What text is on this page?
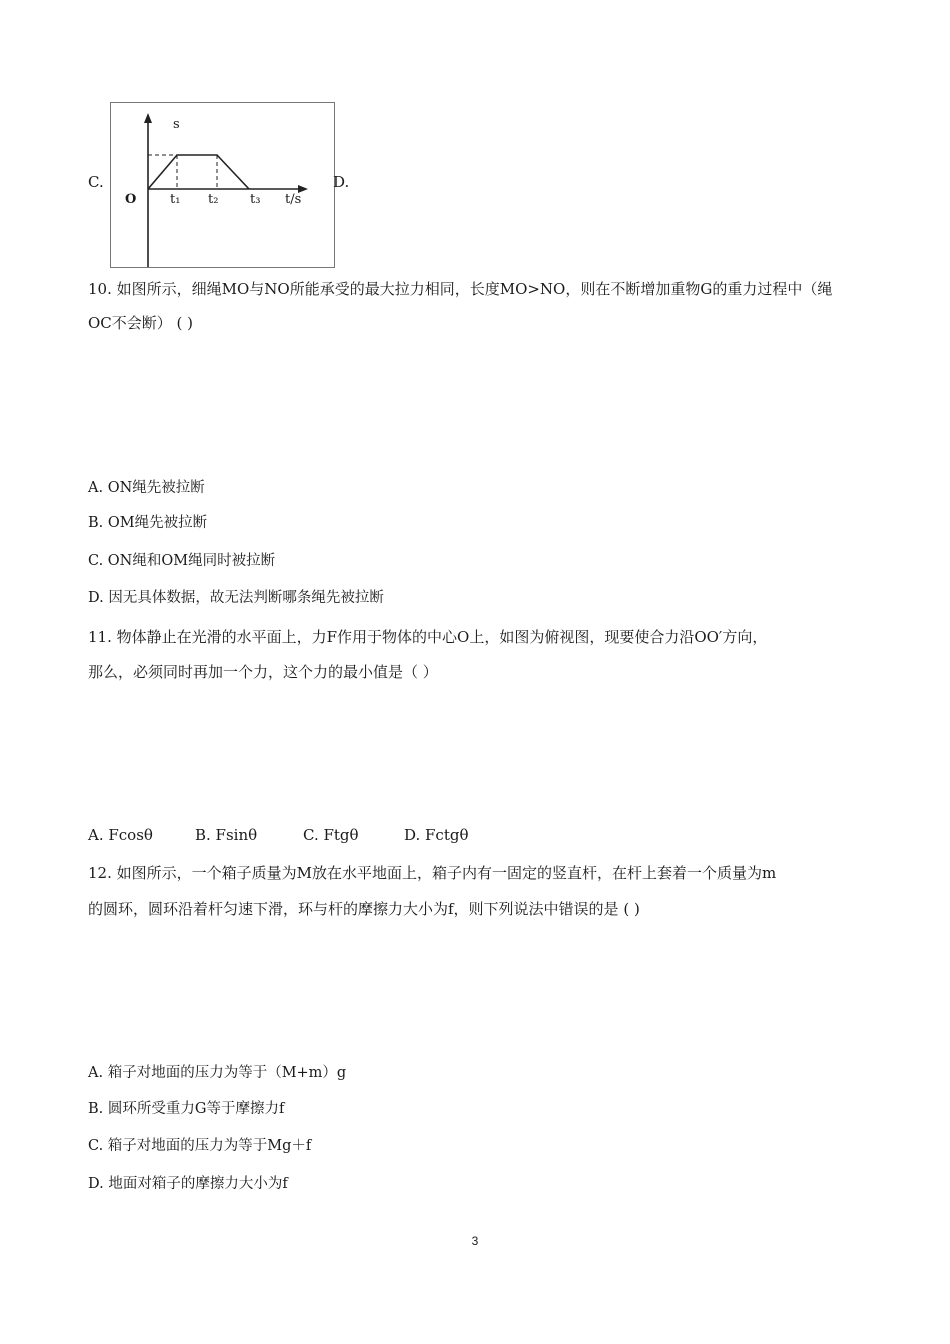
C.
s
O	t₁ t₂ t₃ t/s
D.
10. 如图所示，细绳MO与NO所能承受的最大拉力相同，长度MO>NO，则在不断增加重物G的重力过程中（绳
OC不会断） ( )
A. ON绳先被拉断
B. OM绳先被拉断
C. ON绳和OM绳同时被拉断
D. 因无具体数据，故无法判断哪条绳先被拉断
11. 物体静止在光滑的水平面上，力F作用于物体的中心O上，如图为俯视图，现要使合力沿OO′方向，
那么，必须同时再加一个力，这个力的最小值是（ ）
A. Fcosθ	B. Fsinθ	C. Ftgθ	D. Fctgθ
12. 如图所示，一个箱子质量为M放在水平地面上，箱子内有一固定的竖直杆，在杆上套着一个质量为m
的圆环，圆环沿着杆匀速下滑，环与杆的摩擦力大小为f，则下列说法中错误的是 ( )
A. 箱子对地面的压力为等于（M+m）g
B. 圆环所受重力G等于摩擦力f
C. 箱子对地面的压力为等于Mg＋f
D. 地面对箱子的摩擦力大小为f
3
